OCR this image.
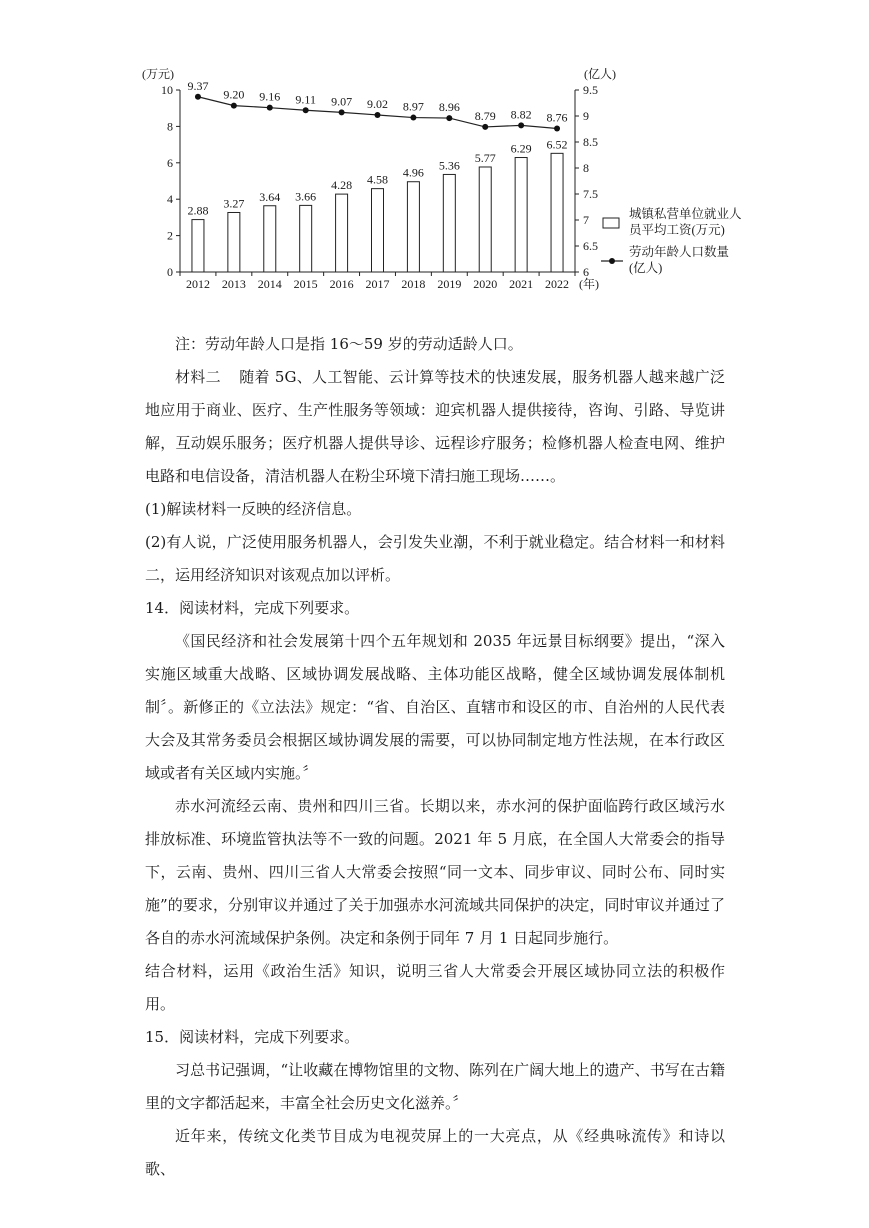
(万元)	(亿人)
0
2
4
6
8
10
6
6.5
7
7.5
8
8.5
9
9.5
2012 2013 2014 2015 2016 2017 2018 2019 2020 2021 2022 (年)
2.88
3.27 3.64 3.66
4.28 4.58 4.96
5.36
5.77
6.29 6.52
9.37
9.20 9.16 9.11 9.07 9.02 8.97 8.96
8.79 8.82 8.76
城镇私营单位就业人
员平均工资(万元)
劳动年龄人口数量
(亿人)

注：劳动年龄人口是指 16～59 岁的劳动适龄人口。

材料二 随着 5G、人工智能、云计算等技术的快速发展，服务机器人越来越广泛地应用于商业、医疗、生产性服务等领域：迎宾机器人提供接待，咨询、引路、导览讲解，互动娱乐服务；医疗机器人提供导诊、远程诊疗服务；检修机器人检查电网、维护电路和电信设备，清洁机器人在粉尘环境下清扫施工现场……。

(1)解读材料一反映的经济信息。

(2)有人说，广泛使用服务机器人，会引发失业潮，不利于就业稳定。结合材料一和材料二，运用经济知识对该观点加以评析。

14．阅读材料，完成下列要求。

《国民经济和社会发展第十四个五年规划和 2035 年远景目标纲要》提出，“深入实施区域重大战略、区域协调发展战略、主体功能区战略，健全区域协调发展体制机制〞。新修正的《立法法》规定：“省、自治区、直辖市和设区的市、自治州的人民代表大会及其常务委员会根据区域协调发展的需要，可以协同制定地方性法规，在本行政区域或者有关区域内实施。〞

赤水河流经云南、贵州和四川三省。长期以来，赤水河的保护面临跨行政区域污水排放标准、环境监管执法等不一致的问题。2021 年 5 月底，在全国人大常委会的指导下，云南、贵州、四川三省人大常委会按照“同一文本、同步审议、同时公布、同时实施”的要求，分别审议并通过了关于加强赤水河流域共同保护的决定，同时审议并通过了各自的赤水河流域保护条例。决定和条例于同年 7 月 1 日起同步施行。

结合材料，运用《政治生活》知识，说明三省人大常委会开展区域协同立法的积极作用。

15．阅读材料，完成下列要求。

习总书记强调，“让收藏在博物馆里的文物、陈列在广阔大地上的遗产、书写在古籍里的文字都活起来，丰富全社会历史文化滋养。〞

近年来，传统文化类节目成为电视荧屏上的一大亮点，从《经典咏流传》和诗以歌、
